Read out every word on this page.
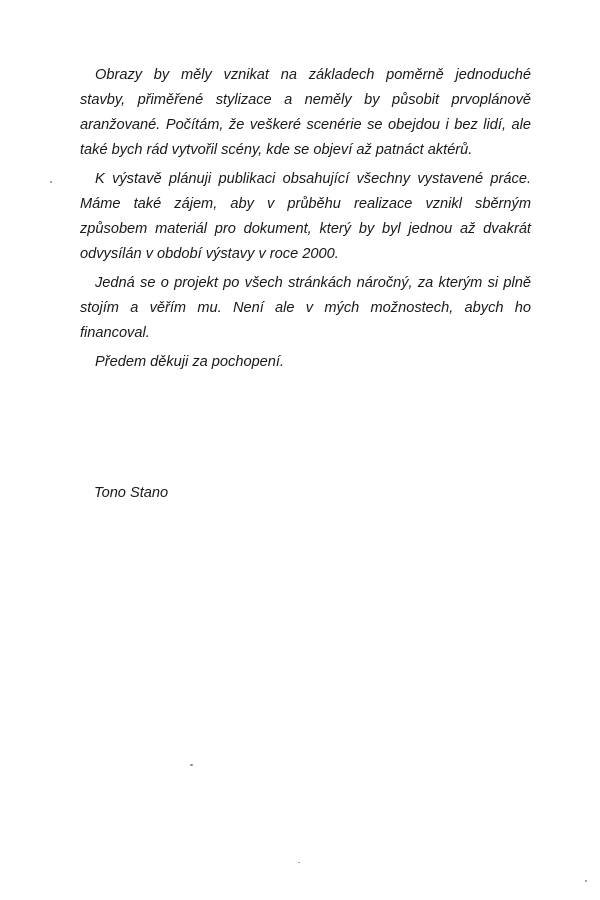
Obrazy by měly vznikat na základech poměrně jednoduché
stavby, přiměřené stylizace a neměly by působit prvoplánově
aranžované. Počítám, že veškeré scenérie se obejdou i bez lidí, ale
také bych rád vytvořil scény, kde se objeví až patnáct aktérů.
K výstavě plánuji publikaci obsahující všechny vystavené práce.
Máme také zájem, aby v průběhu realizace vznikl sběrným
způsobem materiál pro dokument, který by byl jednou až dvakrát
odvysílán v období výstavy v roce 2000.
Jedná se o projekt po všech stránkách náročný, za kterým si plně
stojím a věřím mu. Není ale v mých možnostech, abych ho
financoval.
Předem děkuji za pochopení.

Tono Stano
